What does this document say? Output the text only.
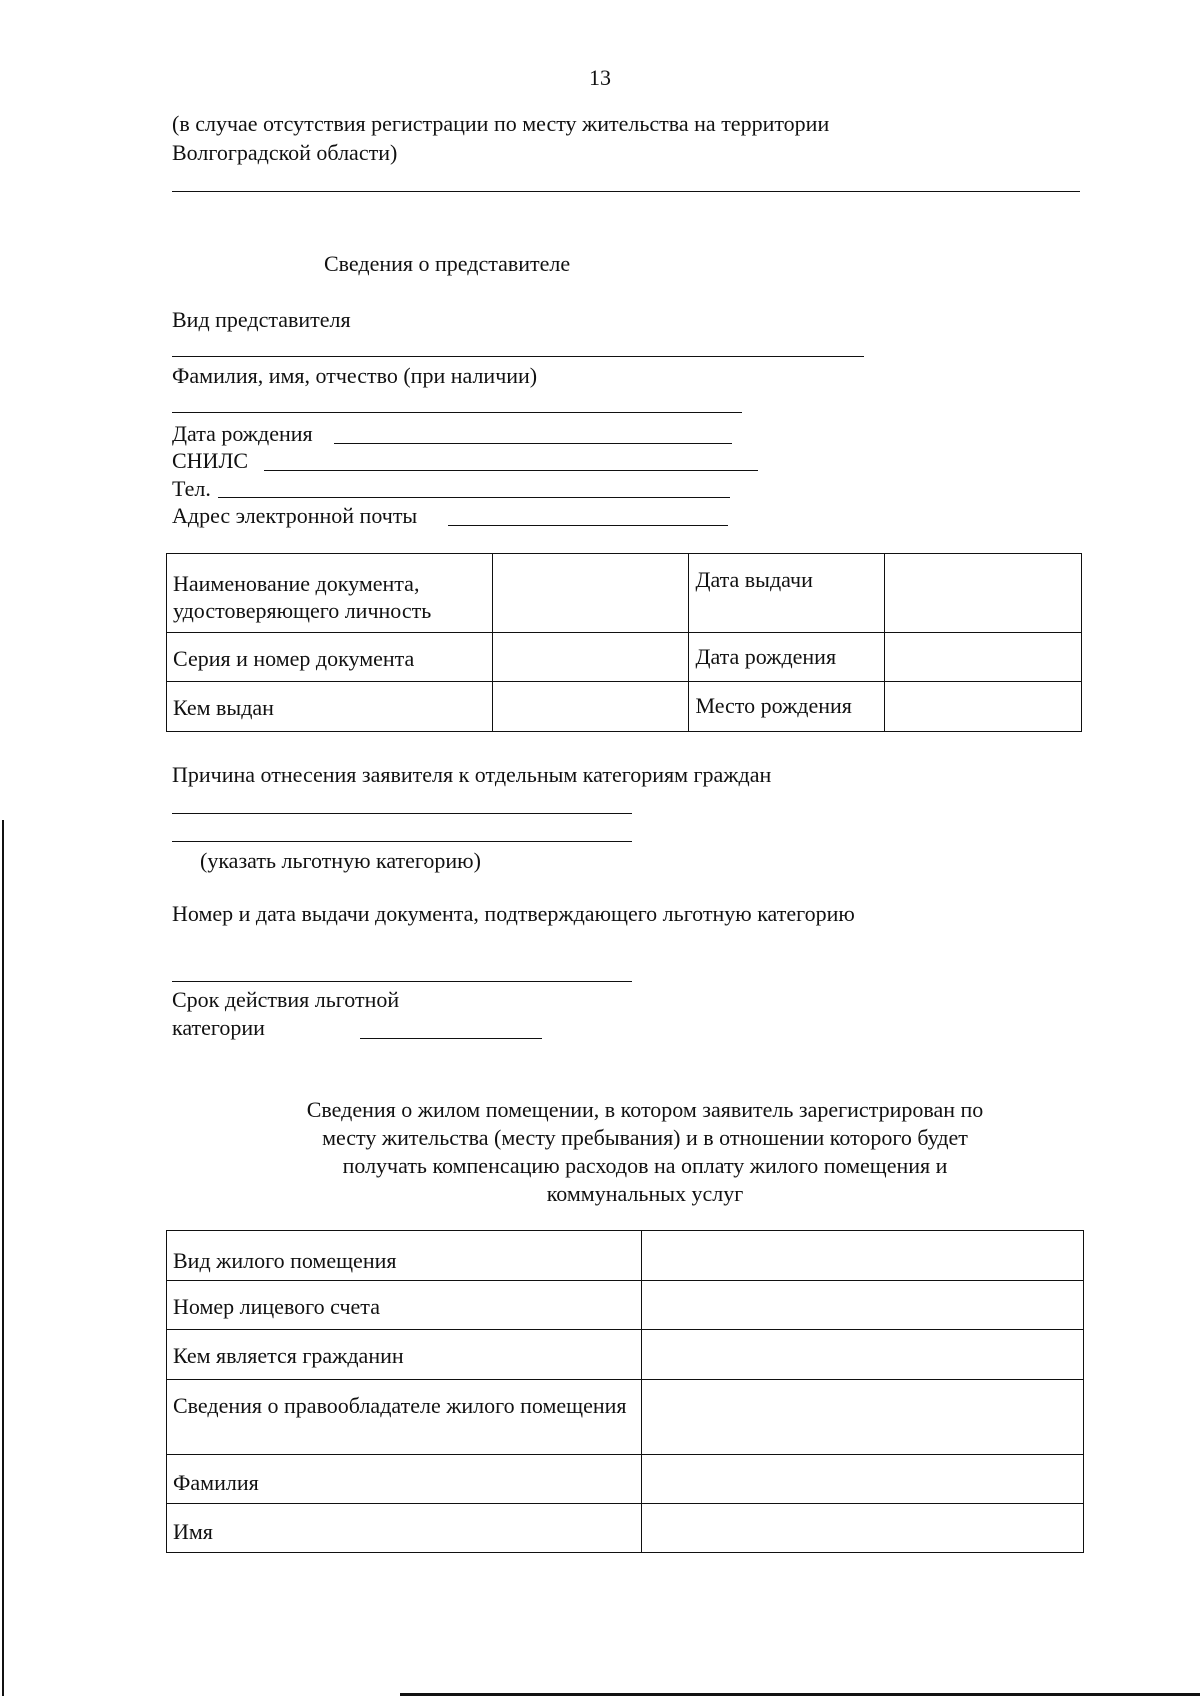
13
(в случае отсутствия регистрации по месту жительства на территории
Волгоградской области)
Сведения о представителе
Вид представителя
Фамилия, имя, отчество (при наличии)
Дата рождения
СНИЛС
Тел.
Адрес электронной почты
Наименование документа, удостоверяющего личность		Дата выдачи	
Серия и номер документа		Дата рождения	
Кем выдан		Место рождения	
Причина отнесения заявителя к отдельным категориям граждан
(указать льготную категорию)
Номер и дата выдачи документа, подтверждающего льготную категорию
Срок действия льготной
категории
Сведения о жилом помещении, в котором заявитель зарегистрирован по
месту жительства (месту пребывания) и в отношении которого будет
получать компенсацию расходов на оплату жилого помещения и
коммунальных услуг
Вид жилого помещения	
Номер лицевого счета	
Кем является гражданин	
Сведения о правообладателе жилого помещения	
Фамилия	
Имя	
